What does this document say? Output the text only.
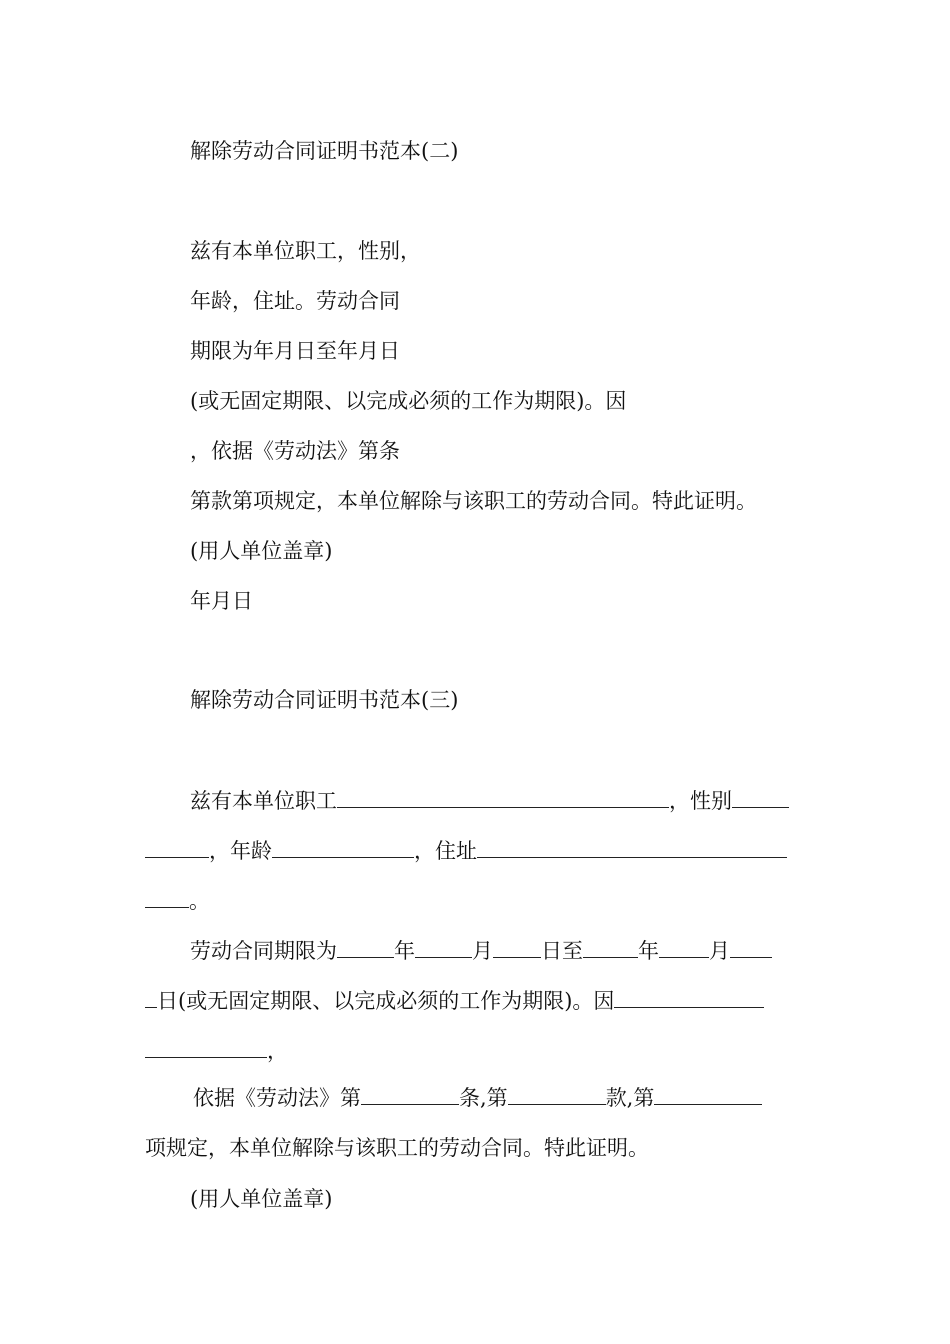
解除劳动合同证明书范本(二)
兹有本单位职工，性别，
年龄，住址。劳动合同
期限为年月日至年月日
(或无固定期限、以完成必须的工作为期限)。因
，依据《劳动法》第条
第款第项规定，本单位解除与该职工的劳动合同。特此证明。
(用人单位盖章)
年月日
解除劳动合同证明书范本(三)
兹有本单位职工	，性别
，年龄	，住址
。
劳动合同期限为	年	月 日至	年 月
日(或无固定期限、以完成必须的工作为期限)。因
，
依据《劳动法》第	条,第	款,第
项规定，本单位解除与该职工的劳动合同。特此证明。
(用人单位盖章)
